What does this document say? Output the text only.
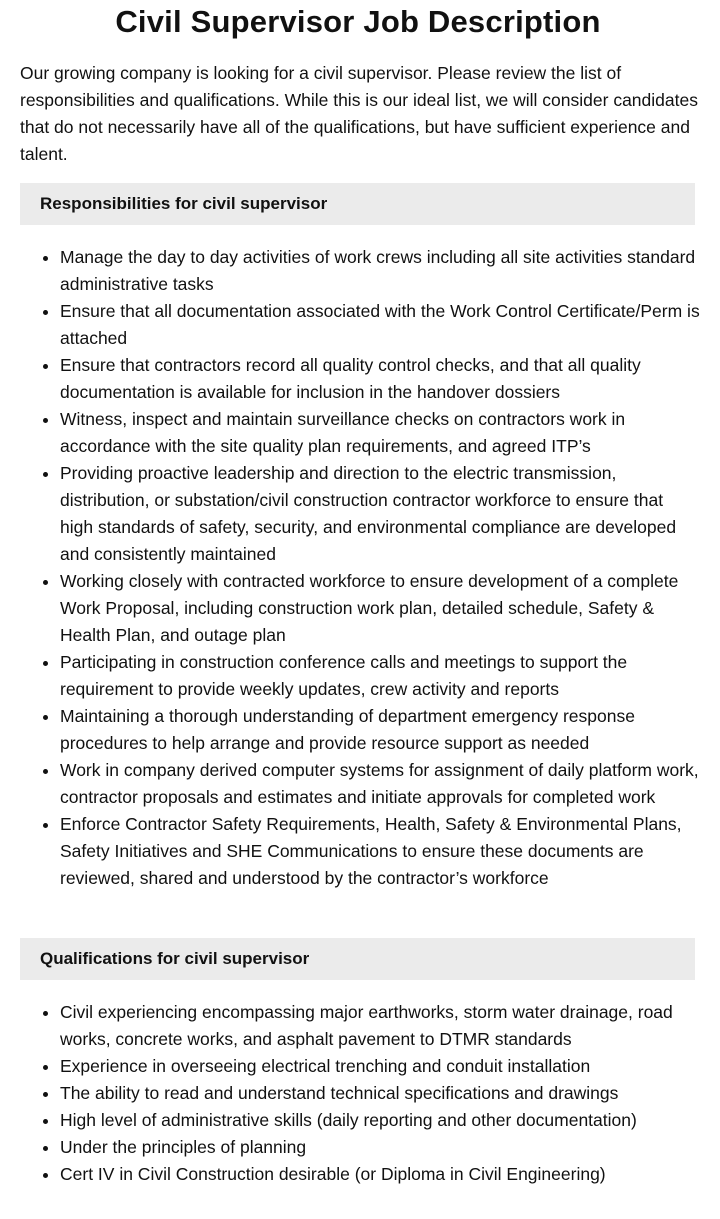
Civil Supervisor Job Description

Our growing company is looking for a civil supervisor. Please review the list of responsibilities and qualifications. While this is our ideal list, we will consider candidates that do not necessarily have all of the qualifications, but have sufficient experience and talent.

Responsibilities for civil supervisor
• Manage the day to day activities of work crews including all site activities standard administrative tasks
• Ensure that all documentation associated with the Work Control Certificate/Perm is attached
• Ensure that contractors record all quality control checks, and that all quality documentation is available for inclusion in the handover dossiers
• Witness, inspect and maintain surveillance checks on contractors work in accordance with the site quality plan requirements, and agreed ITP’s
• Providing proactive leadership and direction to the electric transmission, distribution, or substation/civil construction contractor workforce to ensure that high standards of safety, security, and environmental compliance are developed and consistently maintained
• Working closely with contracted workforce to ensure development of a complete Work Proposal, including construction work plan, detailed schedule, Safety & Health Plan, and outage plan
• Participating in construction conference calls and meetings to support the requirement to provide weekly updates, crew activity and reports
• Maintaining a thorough understanding of department emergency response procedures to help arrange and provide resource support as needed
• Work in company derived computer systems for assignment of daily platform work, contractor proposals and estimates and initiate approvals for completed work
• Enforce Contractor Safety Requirements, Health, Safety & Environmental Plans, Safety Initiatives and SHE Communications to ensure these documents are reviewed, shared and understood by the contractor’s workforce
Qualifications for civil supervisor
• Civil experiencing encompassing major earthworks, storm water drainage, road works, concrete works, and asphalt pavement to DTMR standards
• Experience in overseeing electrical trenching and conduit installation
• The ability to read and understand technical specifications and drawings
• High level of administrative skills (daily reporting and other documentation)
• Under the principles of planning
• Cert IV in Civil Construction desirable (or Diploma in Civil Engineering)
